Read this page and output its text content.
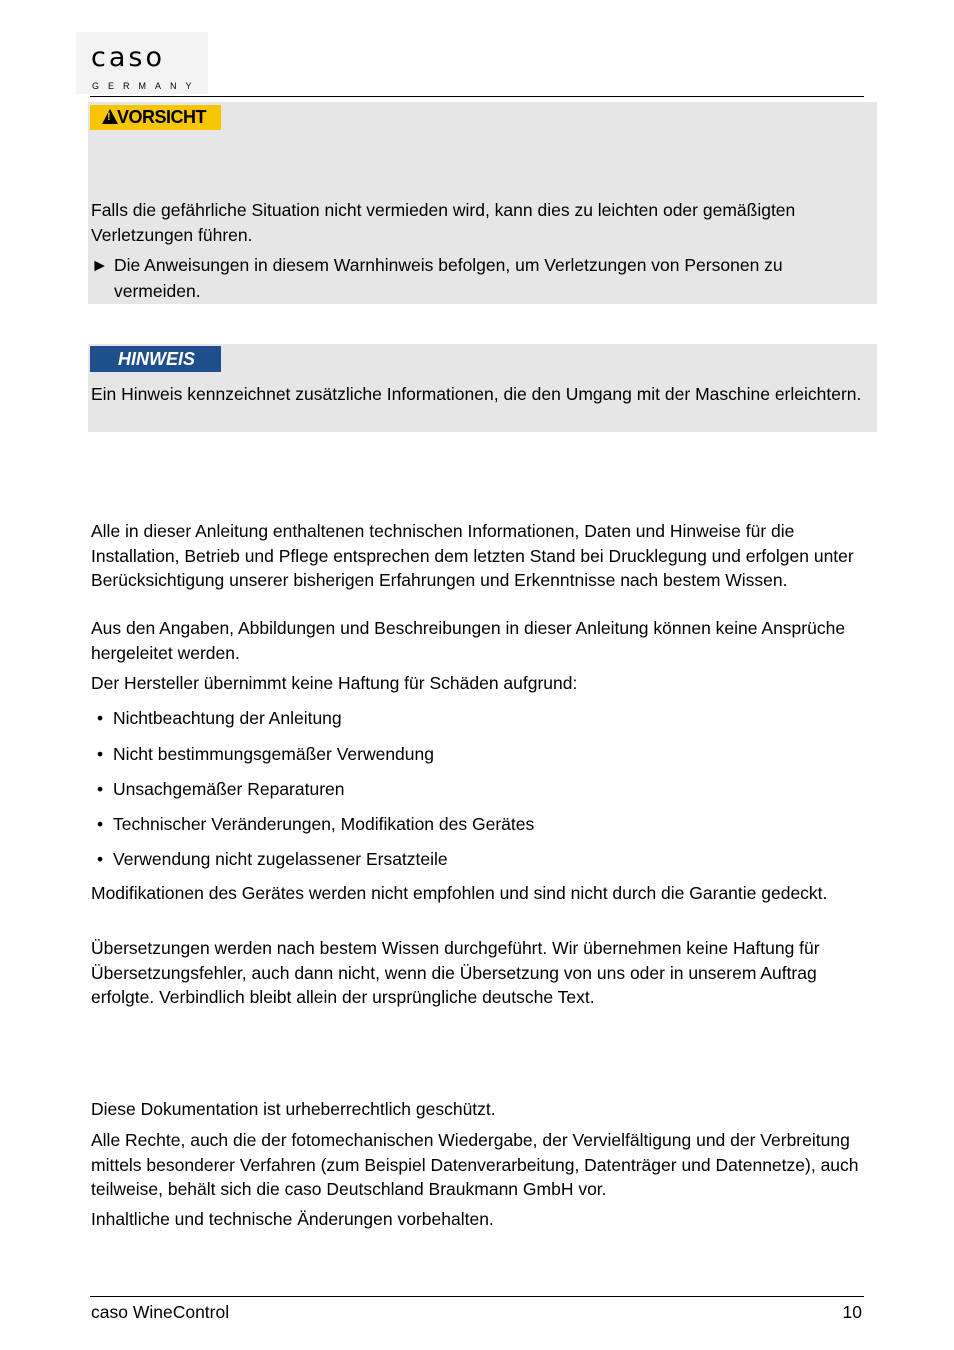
caso
GERMANY
! VORSICHT
Falls die gefährliche Situation nicht vermieden wird, kann dies zu leichten oder gemäßigten Verletzungen führen.
► Die Anweisungen in diesem Warnhinweis befolgen, um Verletzungen von Personen zu vermeiden.
HINWEIS
Ein Hinweis kennzeichnet zusätzliche Informationen, die den Umgang mit der Maschine erleichtern.
Alle in dieser Anleitung enthaltenen technischen Informationen, Daten und Hinweise für die Installation, Betrieb und Pflege entsprechen dem letzten Stand bei Drucklegung und erfolgen unter Berücksichtigung unserer bisherigen Erfahrungen und Erkenntnisse nach bestem Wissen.
Aus den Angaben, Abbildungen und Beschreibungen in dieser Anleitung können keine Ansprüche hergeleitet werden.
Der Hersteller übernimmt keine Haftung für Schäden aufgrund:
• Nichtbeachtung der Anleitung
• Nicht bestimmungsgemäßer Verwendung
• Unsachgemäßer Reparaturen
• Technischer Veränderungen, Modifikation des Gerätes
• Verwendung nicht zugelassener Ersatzteile
Modifikationen des Gerätes werden nicht empfohlen und sind nicht durch die Garantie gedeckt.
Übersetzungen werden nach bestem Wissen durchgeführt. Wir übernehmen keine Haftung für Übersetzungsfehler, auch dann nicht, wenn die Übersetzung von uns oder in unserem Auftrag erfolgte. Verbindlich bleibt allein der ursprüngliche deutsche Text.
Diese Dokumentation ist urheberrechtlich geschützt.
Alle Rechte, auch die der fotomechanischen Wiedergabe, der Vervielfältigung und der Verbreitung mittels besonderer Verfahren (zum Beispiel Datenverarbeitung, Datenträger und Datennetze), auch teilweise, behält sich die caso Deutschland Braukmann GmbH vor.
Inhaltliche und technische Änderungen vorbehalten.
caso WineControl	10
